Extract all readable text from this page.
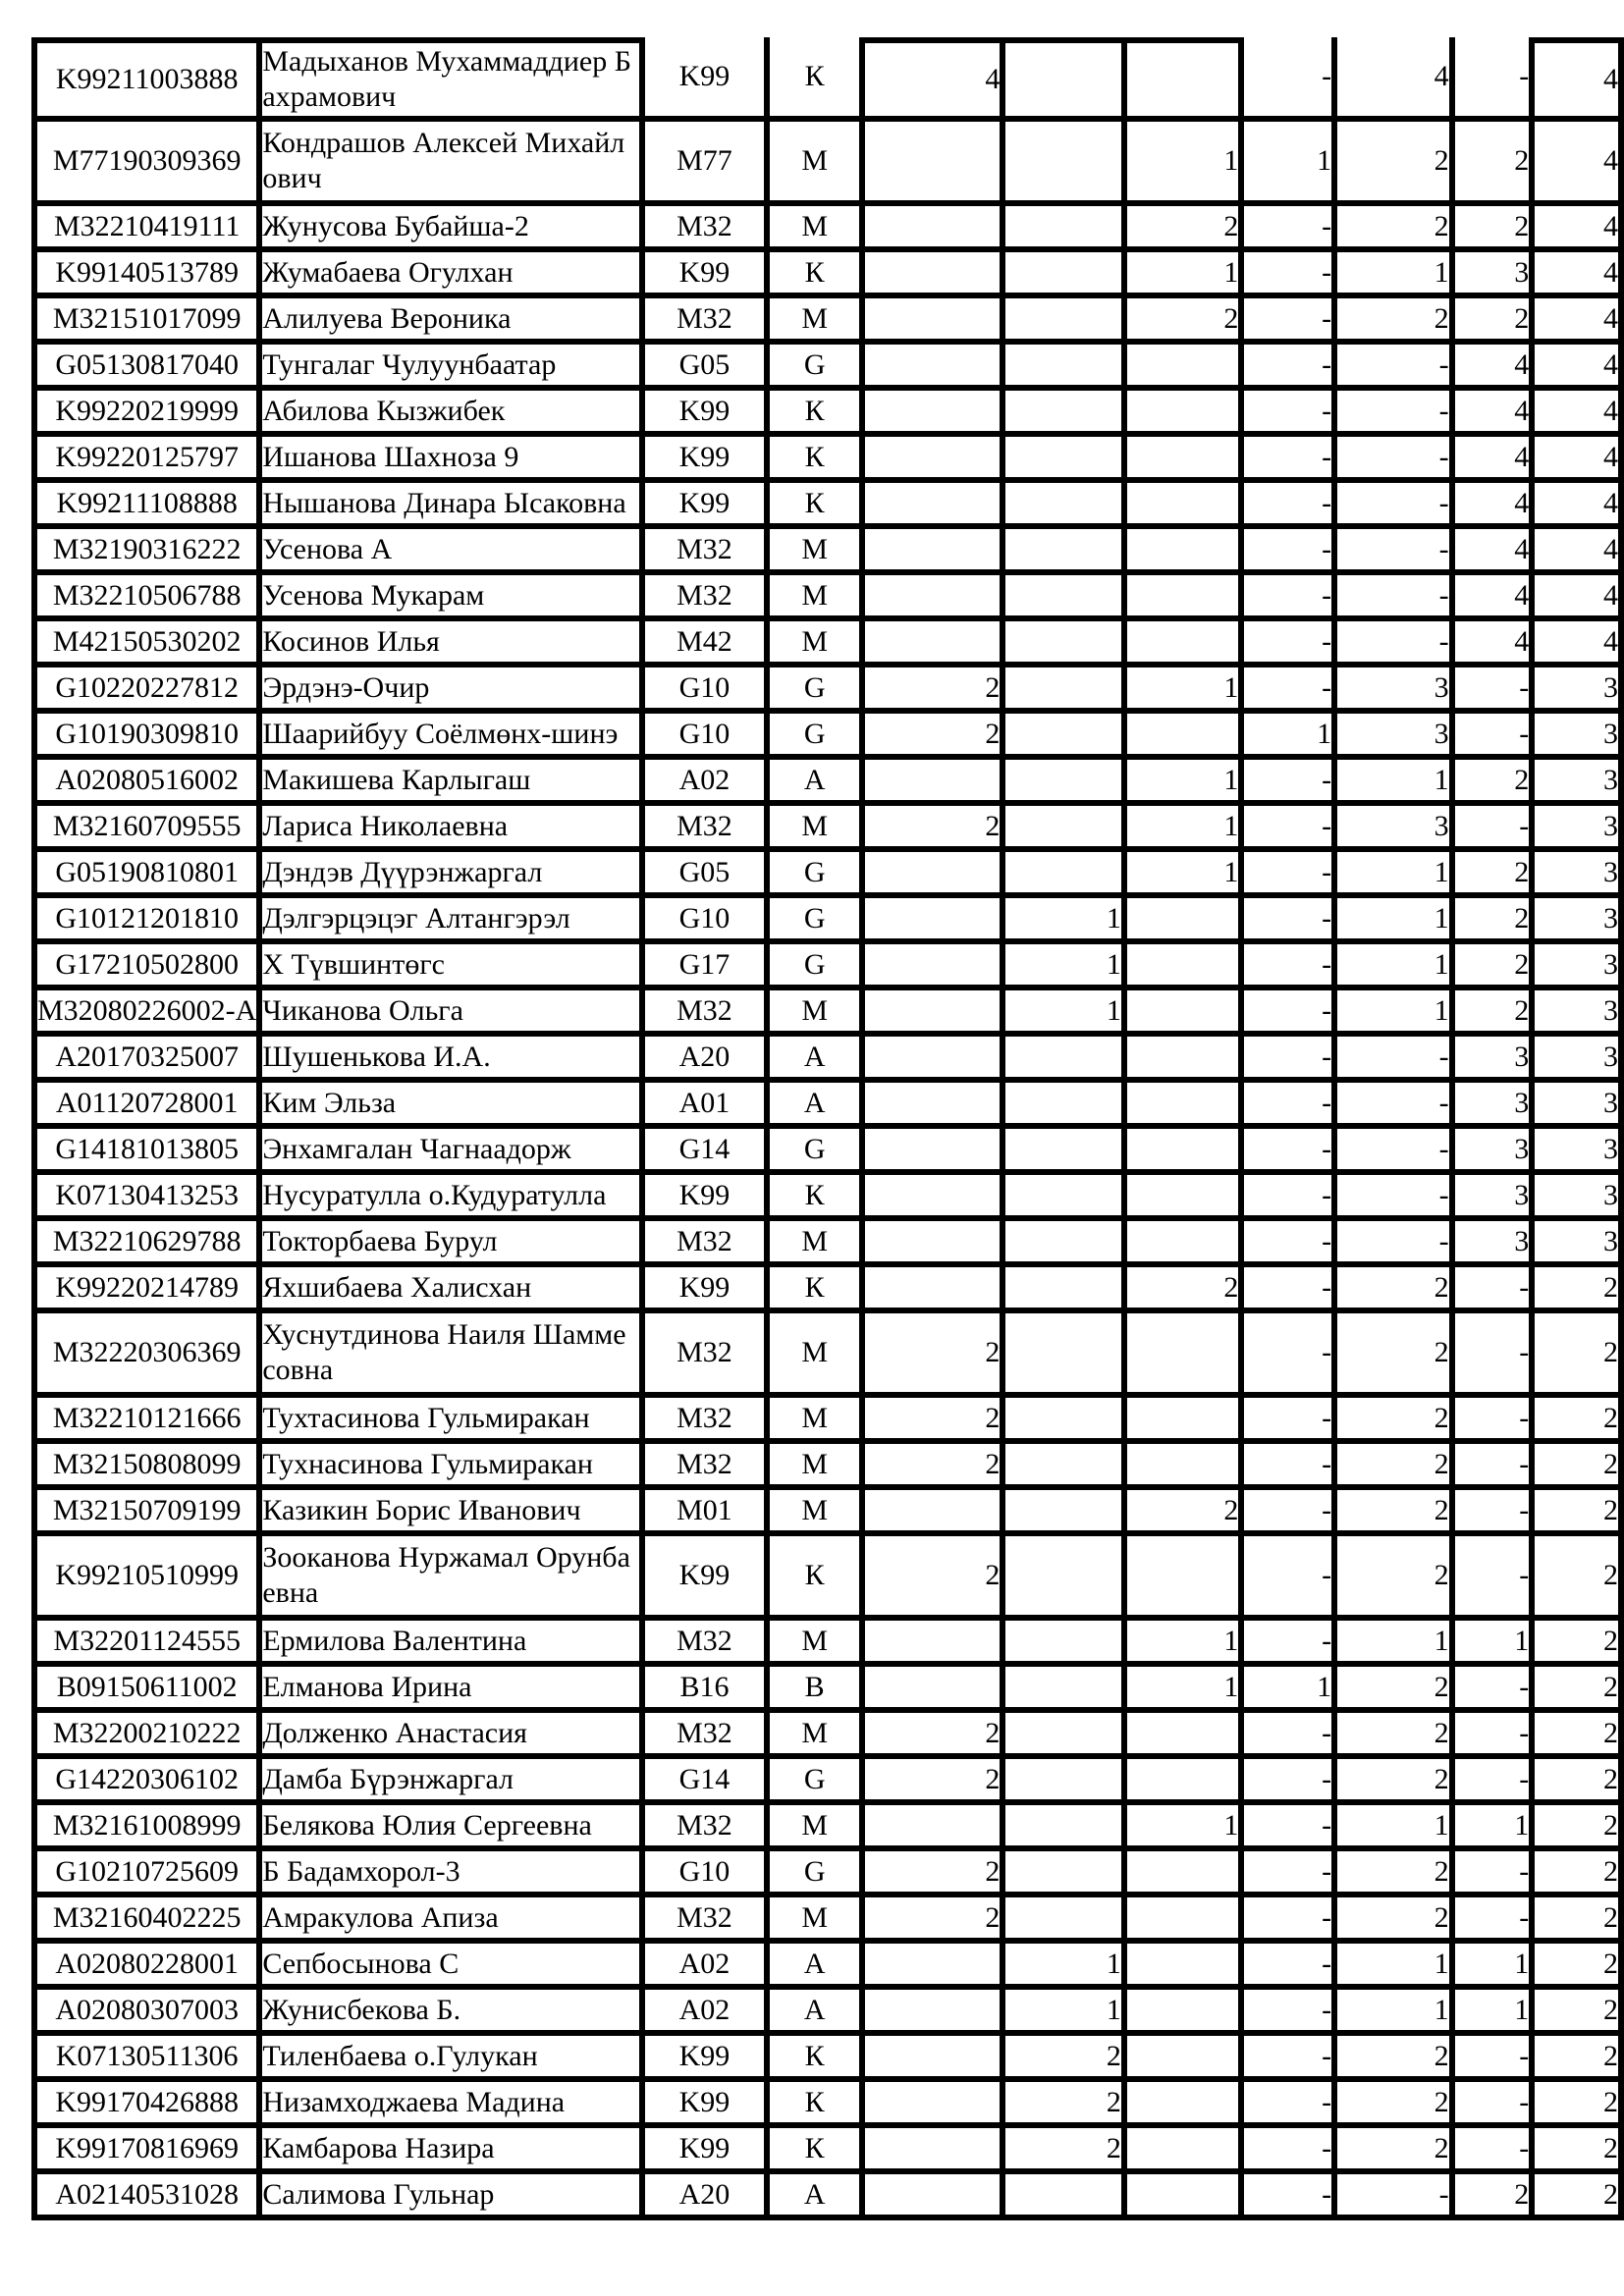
K99211003888	Мадыханов Мухаммаддиер Бахрамович	K99	К	4			-	4	-	4
М77190309369	Кондрашов Алексей Михайлович	М77	М			1	1	2	2	4
М32210419111	Жунусова Бубайша-2	М32	М			2	-	2	2	4
K99140513789	Жумабаева Огулхан	K99	К			1	-	1	3	4
М32151017099	Алилуева Вероника	М32	М			2	-	2	2	4
G05130817040	Тунгалаг Чулуунбаатар	G05	G				-	-	4	4
K99220219999	Абилова Кызжибек	K99	К				-	-	4	4
K99220125797	Ишанова Шахноза 9	K99	К				-	-	4	4
K99211108888	Нышанова Динара Ысаковна	K99	К				-	-	4	4
М32190316222	Усенова А	М32	М				-	-	4	4
М32210506788	Усенова Мукарам	М32	М				-	-	4	4
М42150530202	Косинов Илья	М42	М				-	-	4	4
G10220227812	Эрдэнэ-Очир	G10	G	2		1	-	3	-	3
G10190309810	Шаарийбуу Соёлмөнх-шинэ	G10	G	2			1	3	-	3
A02080516002	Макишева Карлыгаш	A02	А			1	-	1	2	3
М32160709555	Лариса Николаевна	М32	М	2		1	-	3	-	3
G05190810801	Дэндэв Дүүрэнжаргал	G05	G			1	-	1	2	3
G10121201810	Дэлгэрцэцэг Алтангэрэл	G10	G		1		-	1	2	3
G17210502800	Х Түвшинтөгс	G17	G		1		-	1	2	3
М32080226002-А	Чиканова Ольга	М32	М		1		-	1	2	3
A20170325007	Шушенькова И.А.	A20	А				-	-	3	3
A01120728001	Ким Эльза	A01	А				-	-	3	3
G14181013805	Энхамгалан Чагнаадорж	G14	G				-	-	3	3
K07130413253	Нусуратулла о.Кудуратулла	K99	К				-	-	3	3
М32210629788	Токторбаева Бурул	М32	М				-	-	3	3
K99220214789	Яхшибаева Халисхан	K99	К			2	-	2	-	2
М32220306369	Хуснутдинова Наиля Шаммесовна	М32	М	2			-	2	-	2
М32210121666	Тухтасинова Гульмиракан	М32	М	2			-	2	-	2
М32150808099	Тухнасинова Гульмиракан	М32	М	2			-	2	-	2
М32150709199	Казикин Борис Иванович	М01	М			2	-	2	-	2
K99210510999	Зооканова Нуржамал Орунбаевна	K99	К	2			-	2	-	2
М32201124555	Ермилова Валентина	М32	М			1	-	1	1	2
B09150611002	Елманова Ирина	B16	В			1	1	2	-	2
М32200210222	Долженко Анастасия	М32	М	2			-	2	-	2
G14220306102	Дамба Бүрэнжаргал	G14	G	2			-	2	-	2
М32161008999	Белякова Юлия Сергеевна	М32	М			1	-	1	1	2
G10210725609	Б Бадамхорол-3	G10	G	2			-	2	-	2
М32160402225	Амракулова Апиза	М32	М	2			-	2	-	2
A02080228001	Сепбосынова С	A02	А		1		-	1	1	2
A02080307003	Жунисбекова Б.	A02	А		1		-	1	1	2
K07130511306	Тиленбаева о.Гулукан	K99	К		2		-	2	-	2
K99170426888	Низамходжаева Мадина	K99	К		2		-	2	-	2
K99170816969	Камбарова Назира	K99	К		2		-	2	-	2
A02140531028	Салимова Гульнар	A20	А				-	-	2	2
